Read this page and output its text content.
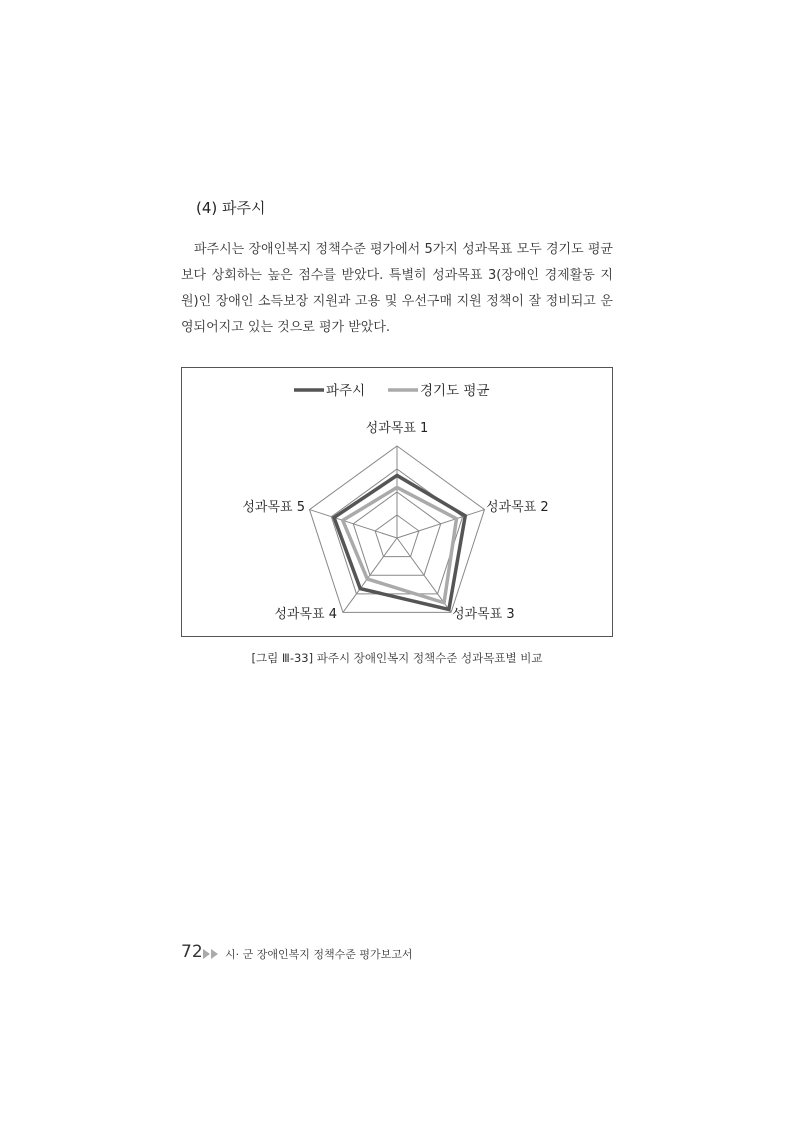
(4) 파주시

파주시는 장애인복지 정책수준 평가에서 5가지 성과목표 모두 경기도 평균보다 상회하는 높은 점수를 받았다. 특별히 성과목표 3(장애인 경제활동 지원)인 장애인 소득보장 지원과 고용 및 우선구매 지원 정책이 잘 정비되고 운영되어지고 있는 것으로 평가 받았다.

성과목표 1
성과목표 2
성과목표 3
성과목표 4
성과목표 5
파주시	경기도 평균
[그림 Ⅲ-33] 파주시 장애인복지 정책수준 성과목표별 비교
72 시· 군 장애인복지 정책수준 평가보고서
